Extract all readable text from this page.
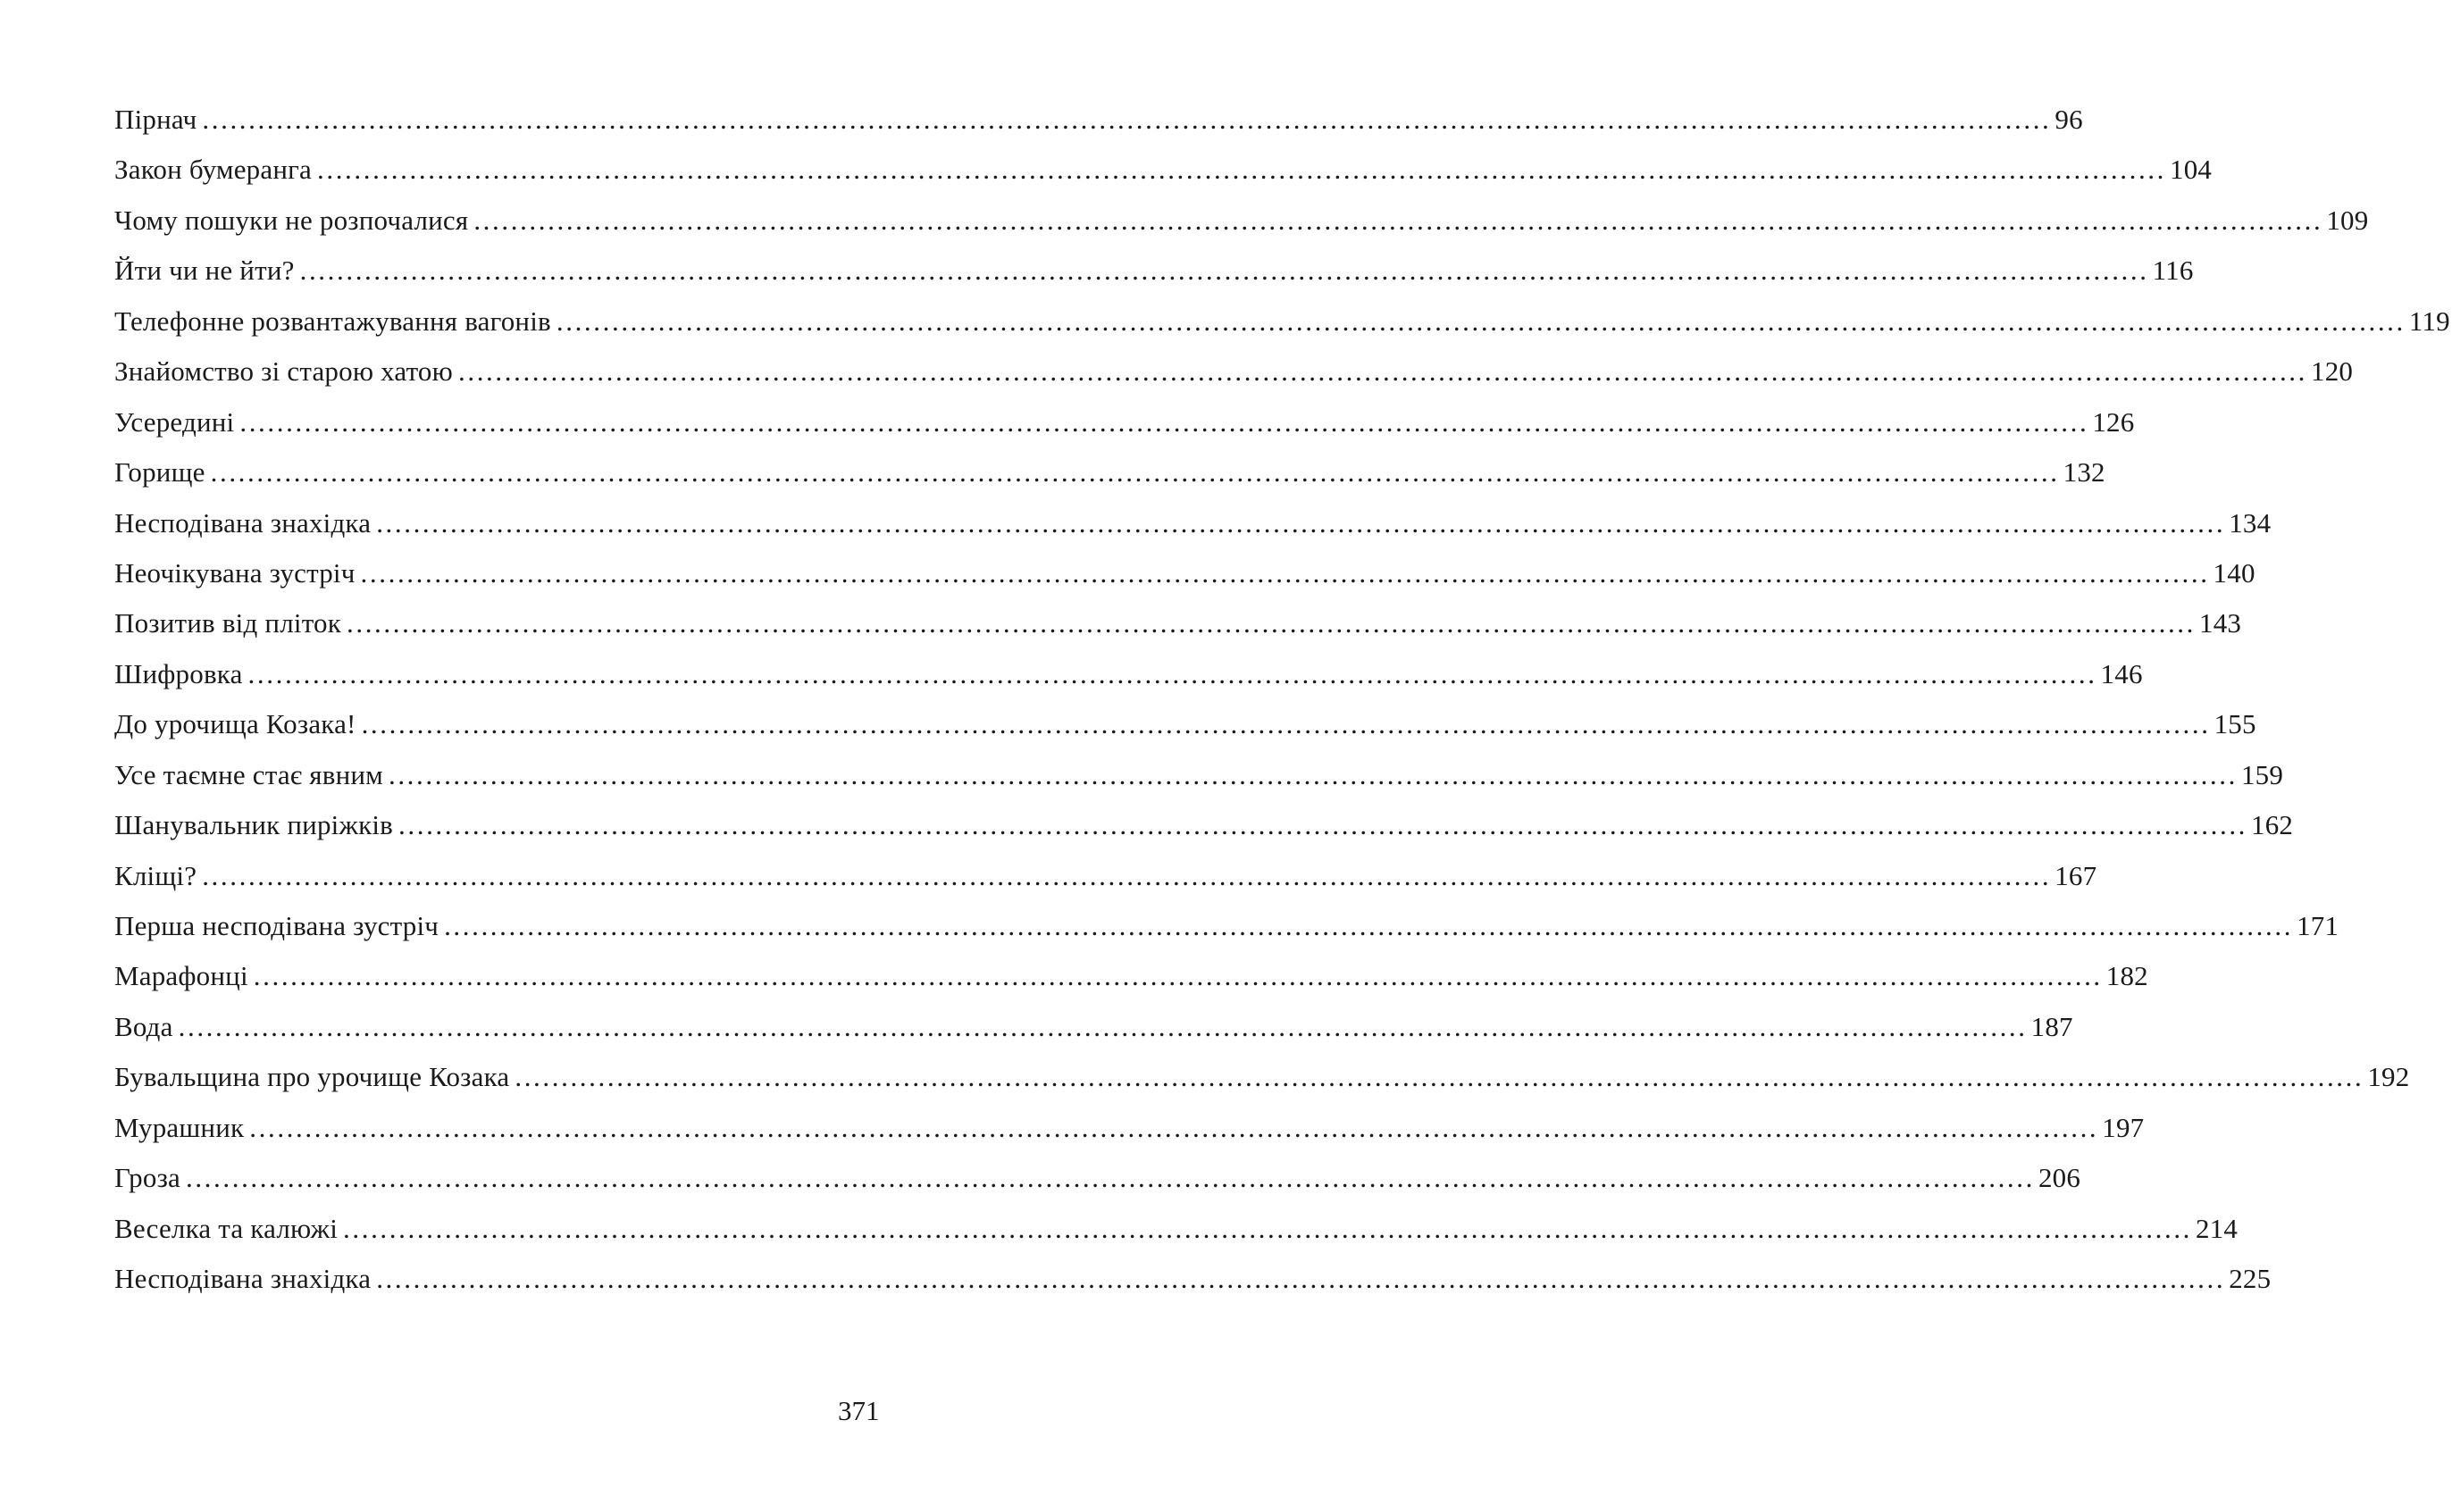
Пірнач ........................................................................................................................................................................................................ 96
Закон бумеранга ........................................................................................................................................................................................................ 104
Чому пошуки не розпочалися ........................................................................................................................................................................................................ 109
Йти чи не йти? ........................................................................................................................................................................................................ 116
Телефонне розвантажування вагонів ........................................................................................................................................................................................................ 119
Знайомство зі старою хатою ........................................................................................................................................................................................................ 120
Усередині ........................................................................................................................................................................................................ 126
Горище ........................................................................................................................................................................................................ 132
Несподівана знахідка ........................................................................................................................................................................................................ 134
Неочікувана зустріч ........................................................................................................................................................................................................ 140
Позитив від пліток ........................................................................................................................................................................................................ 143
Шифровка ........................................................................................................................................................................................................ 146
До урочища Козака! ........................................................................................................................................................................................................ 155
Усе таємне стає явним ........................................................................................................................................................................................................ 159
Шанувальник пиріжків ........................................................................................................................................................................................................ 162
Кліщі? ........................................................................................................................................................................................................ 167
Перша несподівана зустріч ........................................................................................................................................................................................................ 171
Марафонці ........................................................................................................................................................................................................ 182
Вода ........................................................................................................................................................................................................ 187
Бувальщина про урочище Козака ........................................................................................................................................................................................................ 192
Мурашник ........................................................................................................................................................................................................ 197
Гроза ........................................................................................................................................................................................................ 206
Веселка та калюжі ........................................................................................................................................................................................................ 214
Несподівана знахідка ........................................................................................................................................................................................................ 225
371
